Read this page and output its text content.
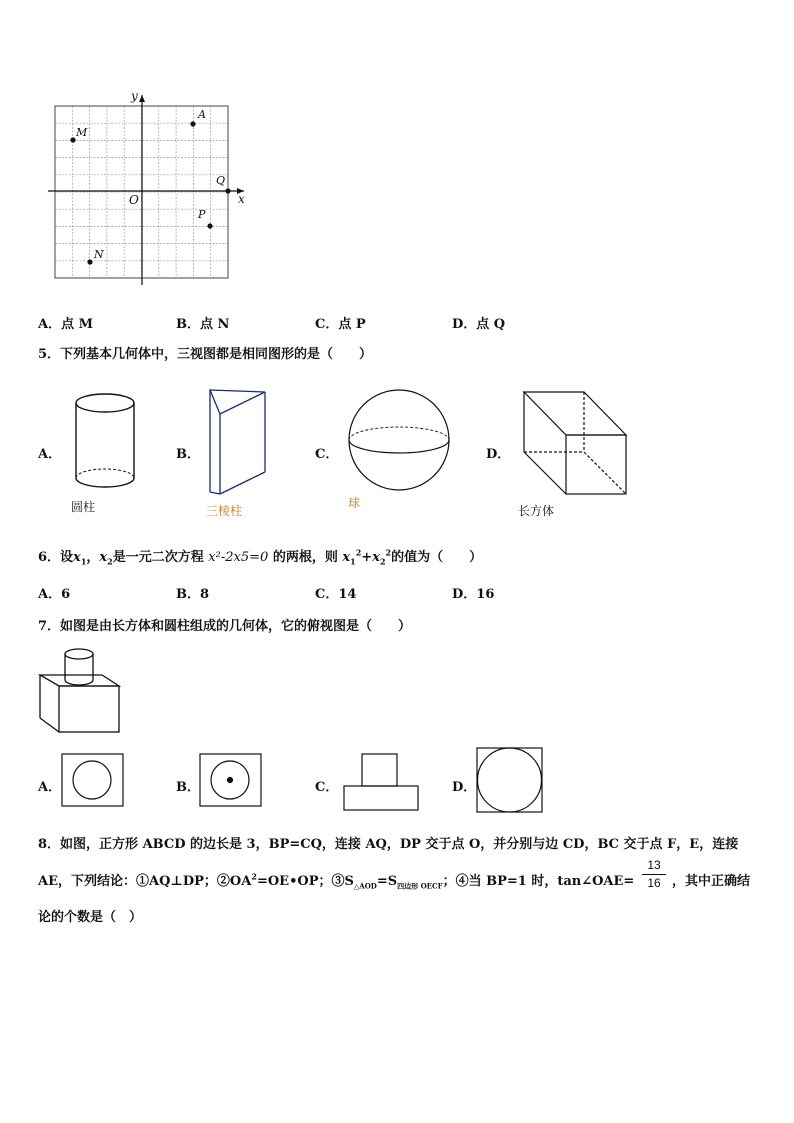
y
x
O
A
M
Q
P
N
A．点 M	B．点 N	C．点 P	D．点 Q
5．下列基本几何体中，三视图都是相同图形的是（　　）
A．	B．	C．	D．
圆柱	三棱柱
球
长方体
6．设$x_1$，$x_2$是一元二次方程 x²-2x5=0 的两根，则 $x_1^2+x_2^2$的值为（　　）
A．6	B．8	C．14	D．16
7．如图是由长方体和圆柱组成的几何体，它的俯视图是（　　）
A．	B．	C．	D．
8．如图，正方形 ABCD 的边长是 3，BP=CQ，连接 AQ，DP 交于点 O，并分别与边 CD，BC 交于点 F，E，连接
AE，下列结论：①AQ⊥DP；$②OA^2=OE•OP$；$③S_{\triangle AOD}=S_{四边形 OECF}$；④当 BP=1 时，tan∠OAE=
13
16 ，其中正确结
论的个数是（　）
